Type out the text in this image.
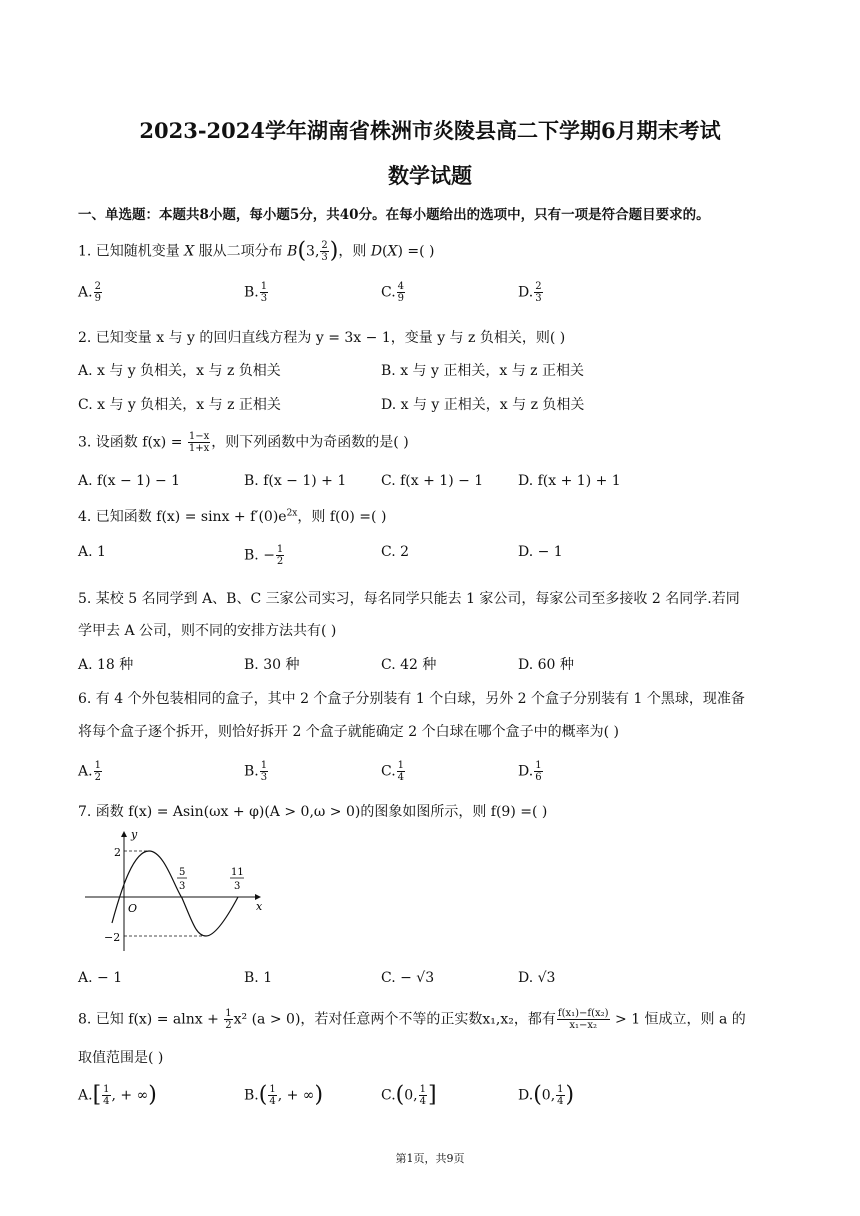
2023-2024学年湖南省株洲市炎陵县高二下学期6月期末考试
数学试题
一、单选题：本题共8小题，每小题5分，共40分。在每小题给出的选项中，只有一项是符合题目要求的。
1. 已知随机变量 X 服从二项分布 B(3, $\frac{2}{3}$ )，则 D(X) =( )
A. $\frac{2}{9}$	B. $\frac{1}{3}$	C. $\frac{4}{9}$	D. $\frac{2}{3}$
2. 已知变量 x 与 y 的回归直线方程为 y = 3x − 1，变量 y 与 z 负相关，则( )
A. x 与 y 负相关，x 与 z 负相关	B. x 与 y 正相关，x 与 z 正相关
C. x 与 y 负相关，x 与 z 正相关	D. x 与 y 正相关，x 与 z 负相关
3. 设函数 $f(x) = \frac{1-x}{1+x}$ ，则下列函数中为奇函数的是( )
A. f(x − 1) − 1	B. f(x − 1) + 1 C. f(x + 1) − 1 D. f(x + 1) + 1
4. 已知函数 $f(x) = \sin x + f'(0)e^{2x}$，则 f(0) =( )
A. 1	B. − $\frac{1}{2}$	C. 2	D. − 1
5. 某校 5 名同学到 A、B、C 三家公司实习，每名同学只能去 1 家公司，每家公司至多接收 2 名同学.若同
学甲去 A 公司，则不同的安排方法共有( )
A. 18 种	B. 30 种	C. 42 种	D. 60 种
6. 有 4 个外包装相同的盒子，其中 2 个盒子分别装有 1 个白球，另外 2 个盒子分别装有 1 个黑球，现准备
将每个盒子逐个拆开，则恰好拆开 2 个盒子就能确定 2 个白球在哪个盒子中的概率为( )
A. $\frac{1}{2}$	B. $\frac{1}{3}$	C. $\frac{1}{4}$	D. $\frac{1}{6}$
7. 函数 f(x) = Asin(ωx + φ)(A > 0,ω > 0)的图象如图所示，则 f(9) =( )
y
x
O
2
−2
5
3
11
3
A. − 1	B. 1	C. − √3	D. √3
8. 已知 $f(x) = alnx + \frac{1}{2} x^2$ (a > 0)，若对任意两个不等的正实数x₁,x₂，都有 $\frac{\text{f(x₁)−f(x₂)}}{\text{x₁−x₂}} > 1$ 恒成立，则 a 的
取值范围是( )
$A.[ \frac{1}{4}$ , + ∞)	$B.( \frac{1}{4}$ , + ∞)	C.(0, $\frac{1}{4}$ ]	D.(0, $\frac{1}{4}$ )
第1页，共9页
